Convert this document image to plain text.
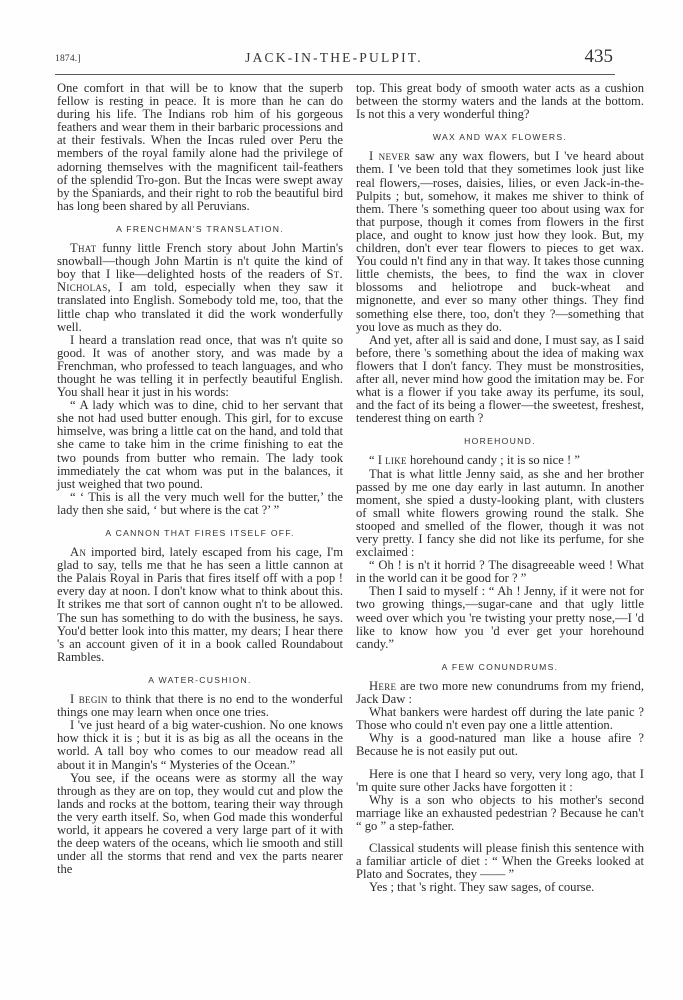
1874.]	JACK-IN-THE-PULPIT.	435

One comfort in that will be to know that the superb fellow is resting in peace. It is more than he can do during his life. The Indians rob him of his gorgeous feathers and wear them in their barbaric processions and at their festivals. When the Incas ruled over Peru the members of the royal family alone had the privilege of adorning themselves with the magnificent tail-feathers of the splendid Tro-gon. But the Incas were swept away by the Spaniards, and their right to rob the beautiful bird has long been shared by all Peruvians.

A FRENCHMAN'S TRANSLATION.

That funny little French story about John Martin's snowball—though John Martin is n't quite the kind of boy that I like—delighted hosts of the readers of St. Nicholas, I am told, especially when they saw it translated into English. Somebody told me, too, that the little chap who translated it did the work wonderfully well.

I heard a translation read once, that was n't quite so good. It was of another story, and was made by a Frenchman, who professed to teach languages, and who thought he was telling it in perfectly beautiful English. You shall hear it just in his words:

“ A lady which was to dine, chid to her servant that she not had used butter enough. This girl, for to excuse himselve, was bring a little cat on the hand, and told that she came to take him in the crime finishing to eat the two pounds from butter who remain. The lady took immediately the cat whom was put in the balances, it just weighed that two pound.

“ ‘ This is all the very much well for the butter,’ the lady then she said, ‘ but where is the cat ?’ ”

A CANNON THAT FIRES ITSELF OFF.

An imported bird, lately escaped from his cage, I'm glad to say, tells me that he has seen a little cannon at the Palais Royal in Paris that fires itself off with a pop ! every day at noon. I don't know what to think about this. It strikes me that sort of cannon ought n't to be allowed. The sun has something to do with the business, he says. You'd better look into this matter, my dears; I hear there 's an account given of it in a book called Roundabout Rambles.

A WATER-CUSHION.

I begin to think that there is no end to the wonderful things one may learn when once one tries.

I 've just heard of a big water-cushion. No one knows how thick it is ; but it is as big as all the oceans in the world. A tall boy who comes to our meadow read all about it in Mangin's “ Mysteries of the Ocean.”

You see, if the oceans were as stormy all the way through as they are on top, they would cut and plow the lands and rocks at the bottom, tearing their way through the very earth itself. So, when God made this wonderful world, it appears he covered a very large part of it with the deep waters of the oceans, which lie smooth and still under all the storms that rend and vex the parts nearer the

top. This great body of smooth water acts as a cushion between the stormy waters and the lands at the bottom. Is not this a very wonderful thing?

WAX AND WAX FLOWERS.

I never saw any wax flowers, but I 've heard about them. I 've been told that they sometimes look just like real flowers,—roses, daisies, lilies, or even Jack-in-the-Pulpits ; but, somehow, it makes me shiver to think of them. There 's something queer too about using wax for that purpose, though it comes from flowers in the first place, and ought to know just how they look. But, my children, don't ever tear flowers to pieces to get wax. You could n't find any in that way. It takes those cunning little chemists, the bees, to find the wax in clover blossoms and heliotrope and buck-wheat and mignonette, and ever so many other things. They find something else there, too, don't they ?—something that you love as much as they do.

And yet, after all is said and done, I must say, as I said before, there 's something about the idea of making wax flowers that I don't fancy. They must be monstrosities, after all, never mind how good the imitation may be. For what is a flower if you take away its perfume, its soul, and the fact of its being a flower—the sweetest, freshest, tenderest thing on earth ?

HOREHOUND.

“ I like horehound candy ; it is so nice ! ”

That is what little Jenny said, as she and her brother passed by me one day early in last autumn. In another moment, she spied a dusty-looking plant, with clusters of small white flowers growing round the stalk. She stooped and smelled of the flower, though it was not very pretty. I fancy she did not like its perfume, for she exclaimed :

“ Oh ! is n't it horrid ? The disagreeable weed ! What in the world can it be good for ? ”

Then I said to myself : “ Ah ! Jenny, if it were not for two growing things,—sugar-cane and that ugly little weed over which you 're twisting your pretty nose,—I 'd like to know how you 'd ever get your horehound candy.”

A FEW CONUNDRUMS.

Here are two more new conundrums from my friend, Jack Daw :

What bankers were hardest off during the late panic ? Those who could n't even pay one a little attention.

Why is a good-natured man like a house afire ? Because he is not easily put out.

Here is one that I heard so very, very long ago, that I 'm quite sure other Jacks have forgotten it :

Why is a son who objects to his mother's second marriage like an exhausted pedestrian ? Because he can't “ go ” a step-father.

Classical students will please finish this sentence with a familiar article of diet : “ When the Greeks looked at Plato and Socrates, they —— ”

Yes ; that 's right. They saw sages, of course.
